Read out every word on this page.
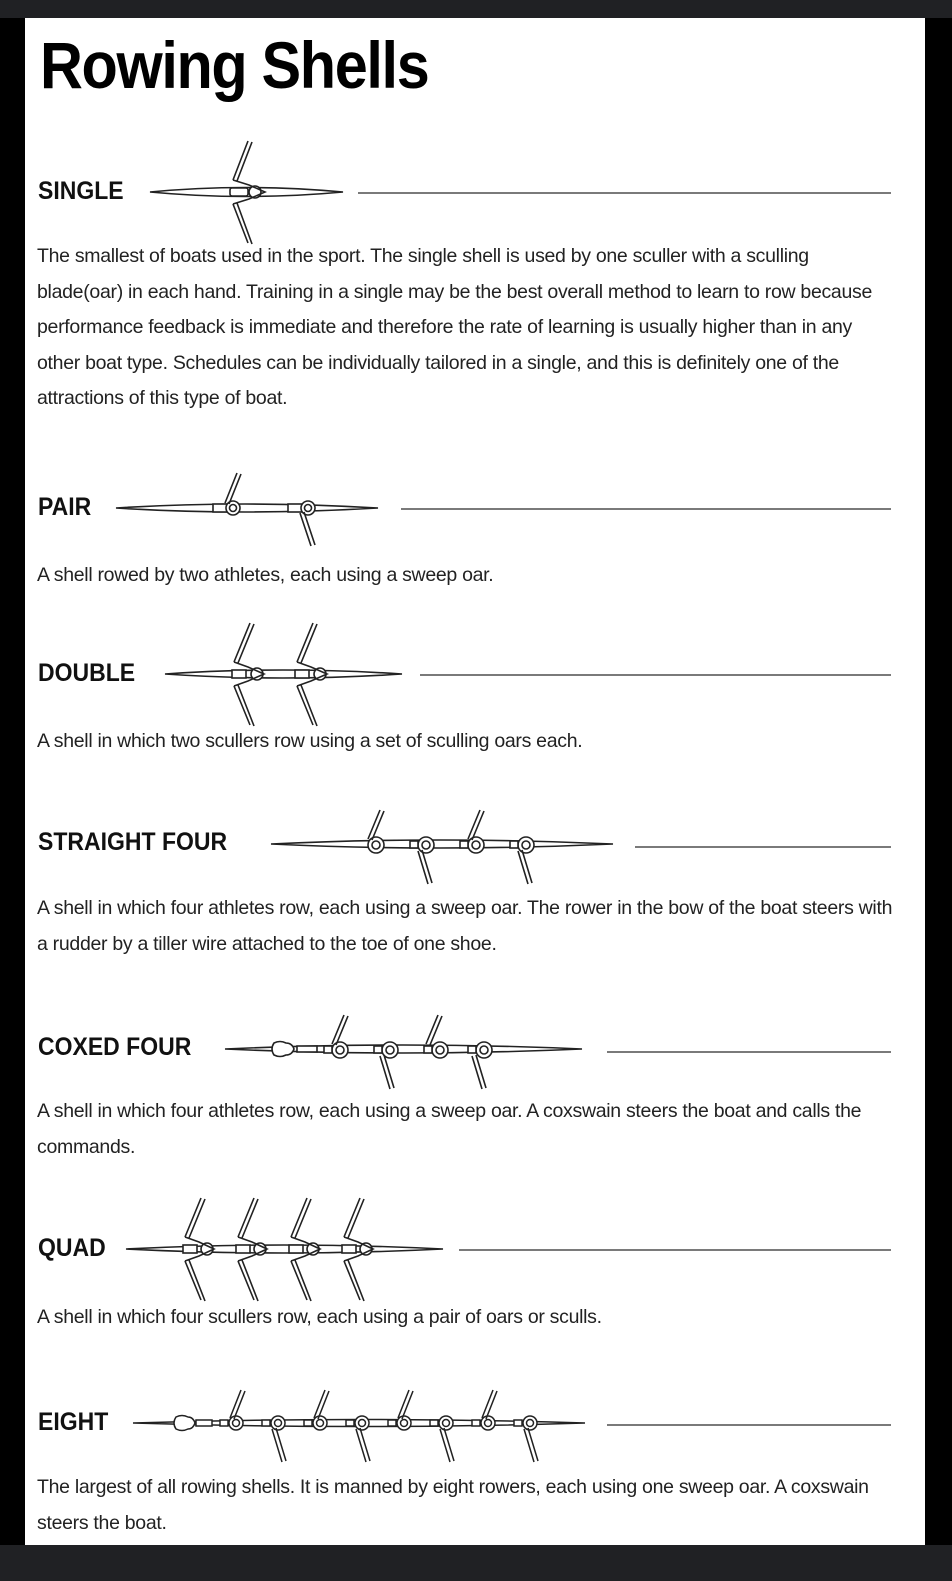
Rowing Shells
SINGLE
The smallest of boats used in the sport. The single shell is used by one sculler with a sculling blade(oar) in each hand. Training in a single may be the best overall method to learn to row because performance feedback is immediate and therefore the rate of learning is usually higher than in any other boat type. Schedules can be individually tailored in a single, and this is definitely one of the attractions of this type of boat.
PAIR
A shell rowed by two athletes, each using a sweep oar.
DOUBLE
A shell in which two scullers row using a set of sculling oars each.
STRAIGHT FOUR
A shell in which four athletes row, each using a sweep oar. The rower in the bow of the boat steers with a rudder by a tiller wire attached to the toe of one shoe.
COXED FOUR
A shell in which four athletes row, each using a sweep oar. A coxswain steers the boat and calls the commands.
QUAD
A shell in which four scullers row, each using a pair of oars or sculls.
EIGHT
The largest of all rowing shells. It is manned by eight rowers, each using one sweep oar. A coxswain steers the boat.
